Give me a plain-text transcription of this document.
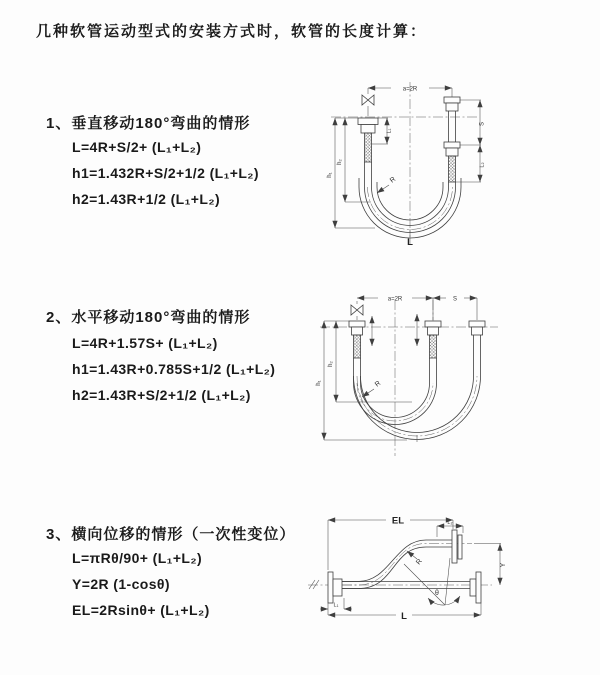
几种软管运动型式的安装方式时，软管的长度计算：
1、垂直移动180°弯曲的情形
L=4R+S/2+ (L₁+L₂)
h1=1.432R+S/2+1/2 (L₁+L₂)
h2=1.43R+1/2 (L₁+L₂)
2、水平移动180°弯曲的情形
L=4R+1.57S+ (L₁+L₂)
h1=1.43R+0.785S+1/2 (L₁+L₂)
h2=1.43R+S/2+1/2 (L₁+L₂)
3、横向位移的情形（一次性变位）
L=πRθ/90+ (L₁+L₂)
Y=2R (1-cosθ)
EL=2Rsinθ+ (L₁+L₂)
a=2R
S
L₂
L₁
h₁
h₂
R
L
a=2R	S
h₁
h₂
R
θ
EL	L₂
Y
R
L
L₁
